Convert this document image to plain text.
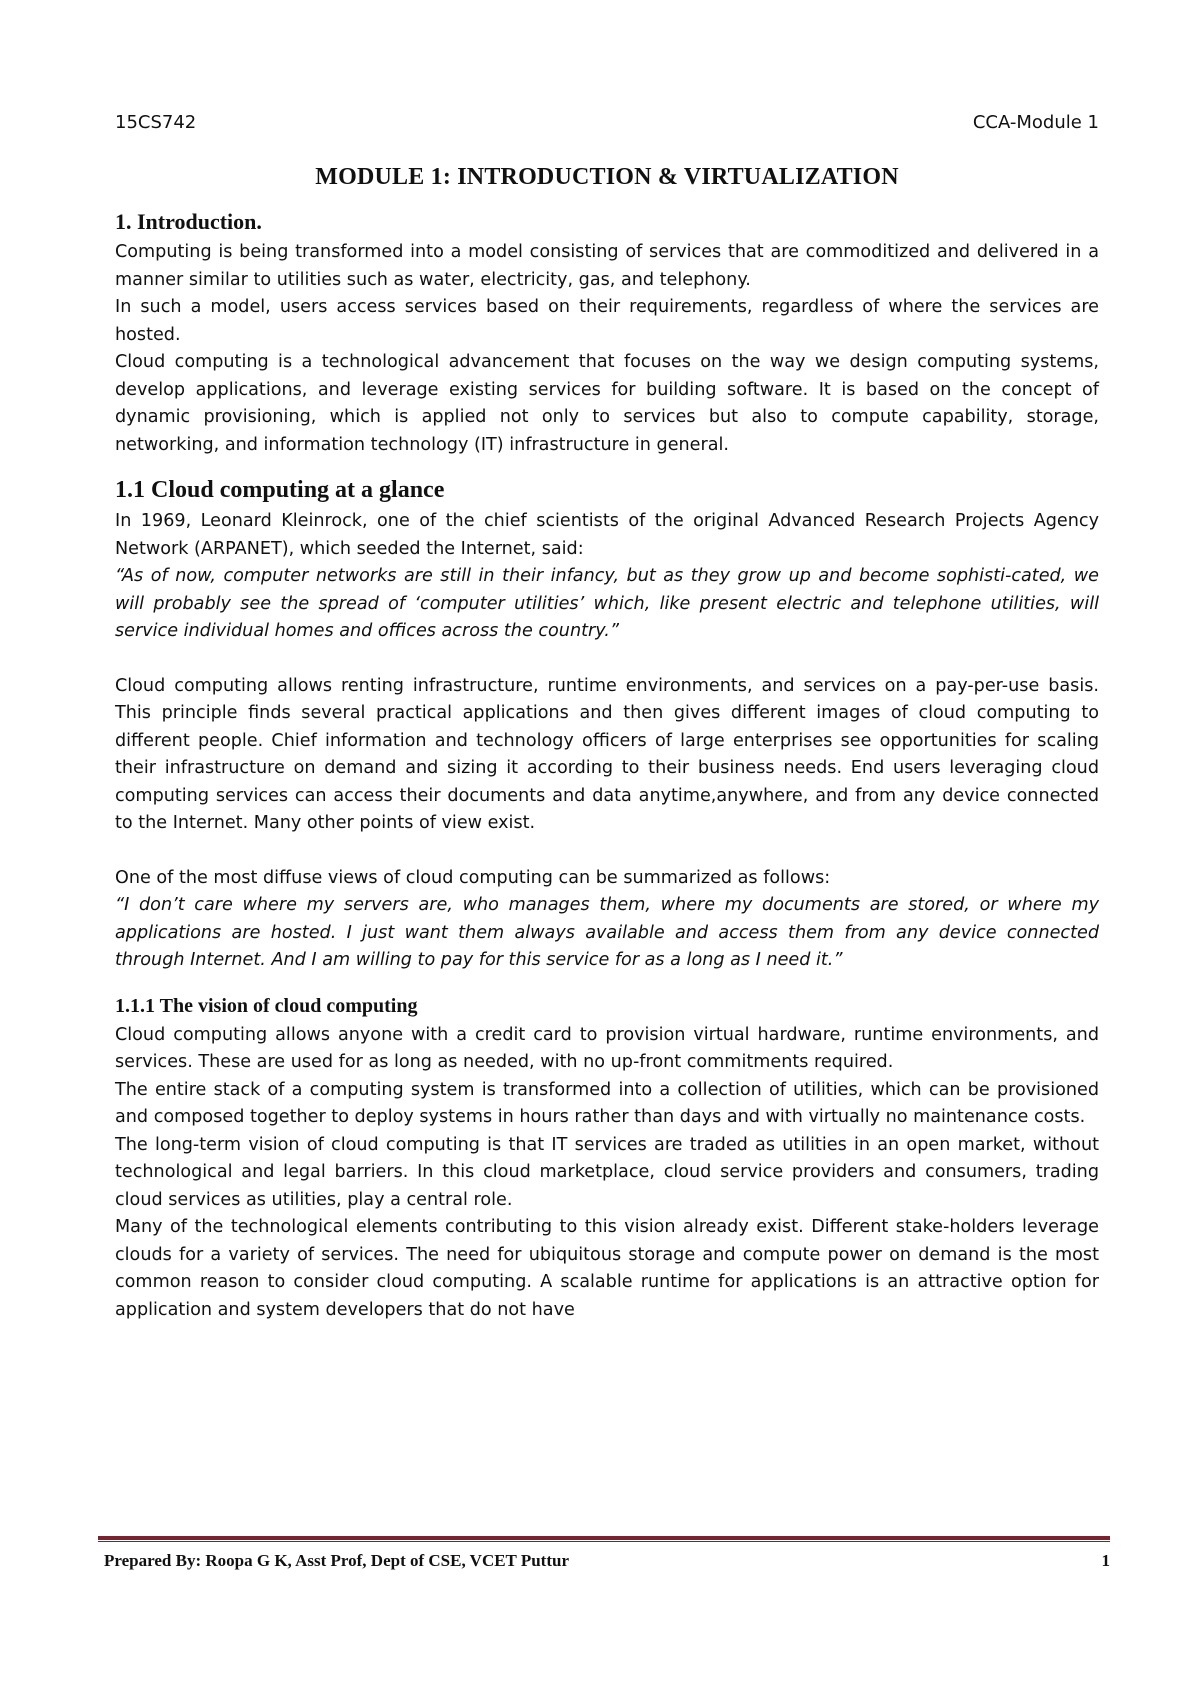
15CS742	CCA-Module 1
MODULE 1: INTRODUCTION & VIRTUALIZATION
1. Introduction.

Computing is being transformed into a model consisting of services that are commoditized and delivered in a manner similar to utilities such as water, electricity, gas, and telephony.

In such a model, users access services based on their requirements, regardless of where the services are hosted.

Cloud computing is a technological advancement that focuses on the way we design computing systems, develop applications, and leverage existing services for building software. It is based on the concept of dynamic provisioning, which is applied not only to services but also to compute capability, storage, networking, and information technology (IT) infrastructure in general.

1.1 Cloud computing at a glance

In 1969, Leonard Kleinrock, one of the chief scientists of the original Advanced Research Projects Agency Network (ARPANET), which seeded the Internet, said:

“As of now, computer networks are still in their infancy, but as they grow up and become sophisti-cated, we will probably see the spread of ‘computer utilities’ which, like present electric and telephone utilities, will service individual homes and offices across the country.”

Cloud computing allows renting infrastructure, runtime environments, and services on a pay-per-use basis. This principle finds several practical applications and then gives different images of cloud computing to different people. Chief information and technology officers of large enterprises see opportunities for scaling their infrastructure on demand and sizing it according to their business needs. End users leveraging cloud computing services can access their documents and data anytime,anywhere, and from any device connected to the Internet. Many other points of view exist.

One of the most diffuse views of cloud computing can be summarized as follows:

“I don’t care where my servers are, who manages them, where my documents are stored, or where my applications are hosted. I just want them always available and access them from any device connected through Internet. And I am willing to pay for this service for as a long as I need it.”

1.1.1 The vision of cloud computing

Cloud computing allows anyone with a credit card to provision virtual hardware, runtime environments, and services. These are used for as long as needed, with no up-front commitments required.

The entire stack of a computing system is transformed into a collection of utilities, which can be provisioned and composed together to deploy systems in hours rather than days and with virtually no maintenance costs.

The long-term vision of cloud computing is that IT services are traded as utilities in an open market, without technological and legal barriers. In this cloud marketplace, cloud service providers and consumers, trading cloud services as utilities, play a central role.

Many of the technological elements contributing to this vision already exist. Different stake-holders leverage clouds for a variety of services. The need for ubiquitous storage and compute power on demand is the most common reason to consider cloud computing. A scalable runtime for applications is an attractive option for application and system developers that do not have

Prepared By: Roopa G K, Asst Prof, Dept of CSE, VCET Puttur	1
